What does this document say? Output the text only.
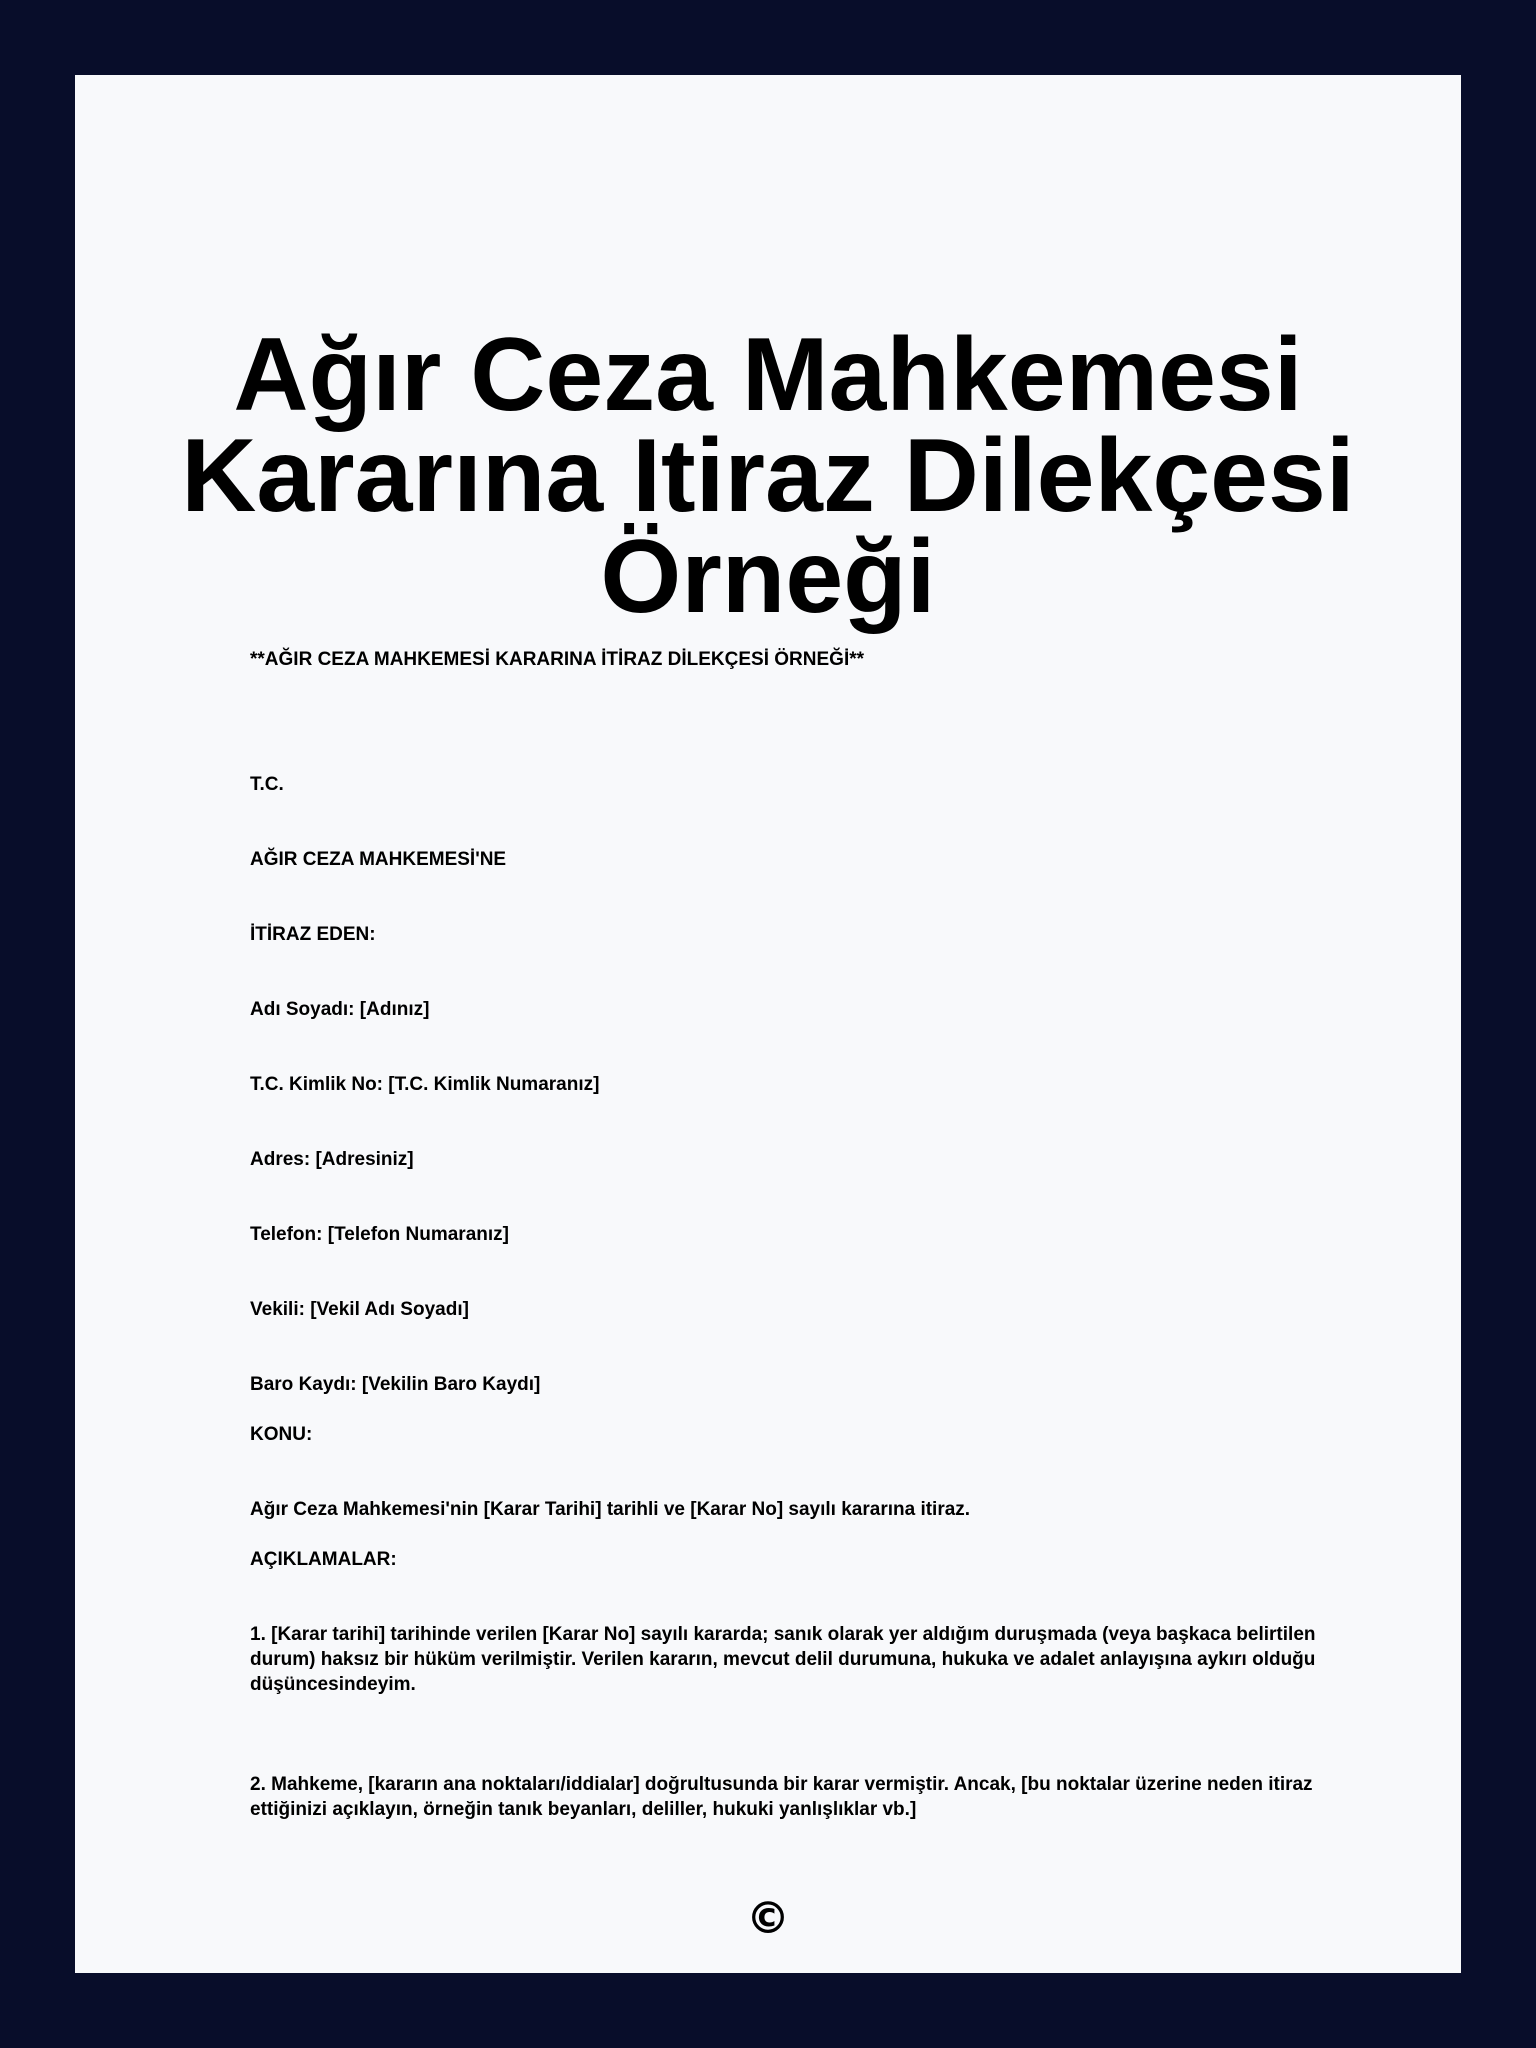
Ağır Ceza Mahkemesi Kararına Itiraz Dilekçesi Örneği
**AĞIR CEZA MAHKEMESİ KARARINA İTİRAZ DİLEKÇESİ ÖRNEĞİ**
T.C.
AĞIR CEZA MAHKEMESİ'NE
İTİRAZ EDEN:
Adı Soyadı: [Adınız]
T.C. Kimlik No: [T.C. Kimlik Numaranız]
Adres: [Adresiniz]
Telefon: [Telefon Numaranız]
Vekili: [Vekil Adı Soyadı]
Baro Kaydı: [Vekilin Baro Kaydı]
KONU:
Ağır Ceza Mahkemesi'nin [Karar Tarihi] tarihli ve [Karar No] sayılı kararına itiraz.
AÇIKLAMALAR:
1. [Karar tarihi] tarihinde verilen [Karar No] sayılı kararda; sanık olarak yer aldığım duruşmada (veya başkaca belirtilen durum) haksız bir hüküm verilmiştir. Verilen kararın, mevcut delil durumuna, hukuka ve adalet anlayışına aykırı olduğu düşüncesindeyim.
2. Mahkeme, [kararın ana noktaları/iddialar] doğrultusunda bir karar vermiştir. Ancak, [bu noktalar üzerine neden itiraz ettiğinizi açıklayın, örneğin tanık beyanları, deliller, hukuki yanlışlıklar vb.]
©
